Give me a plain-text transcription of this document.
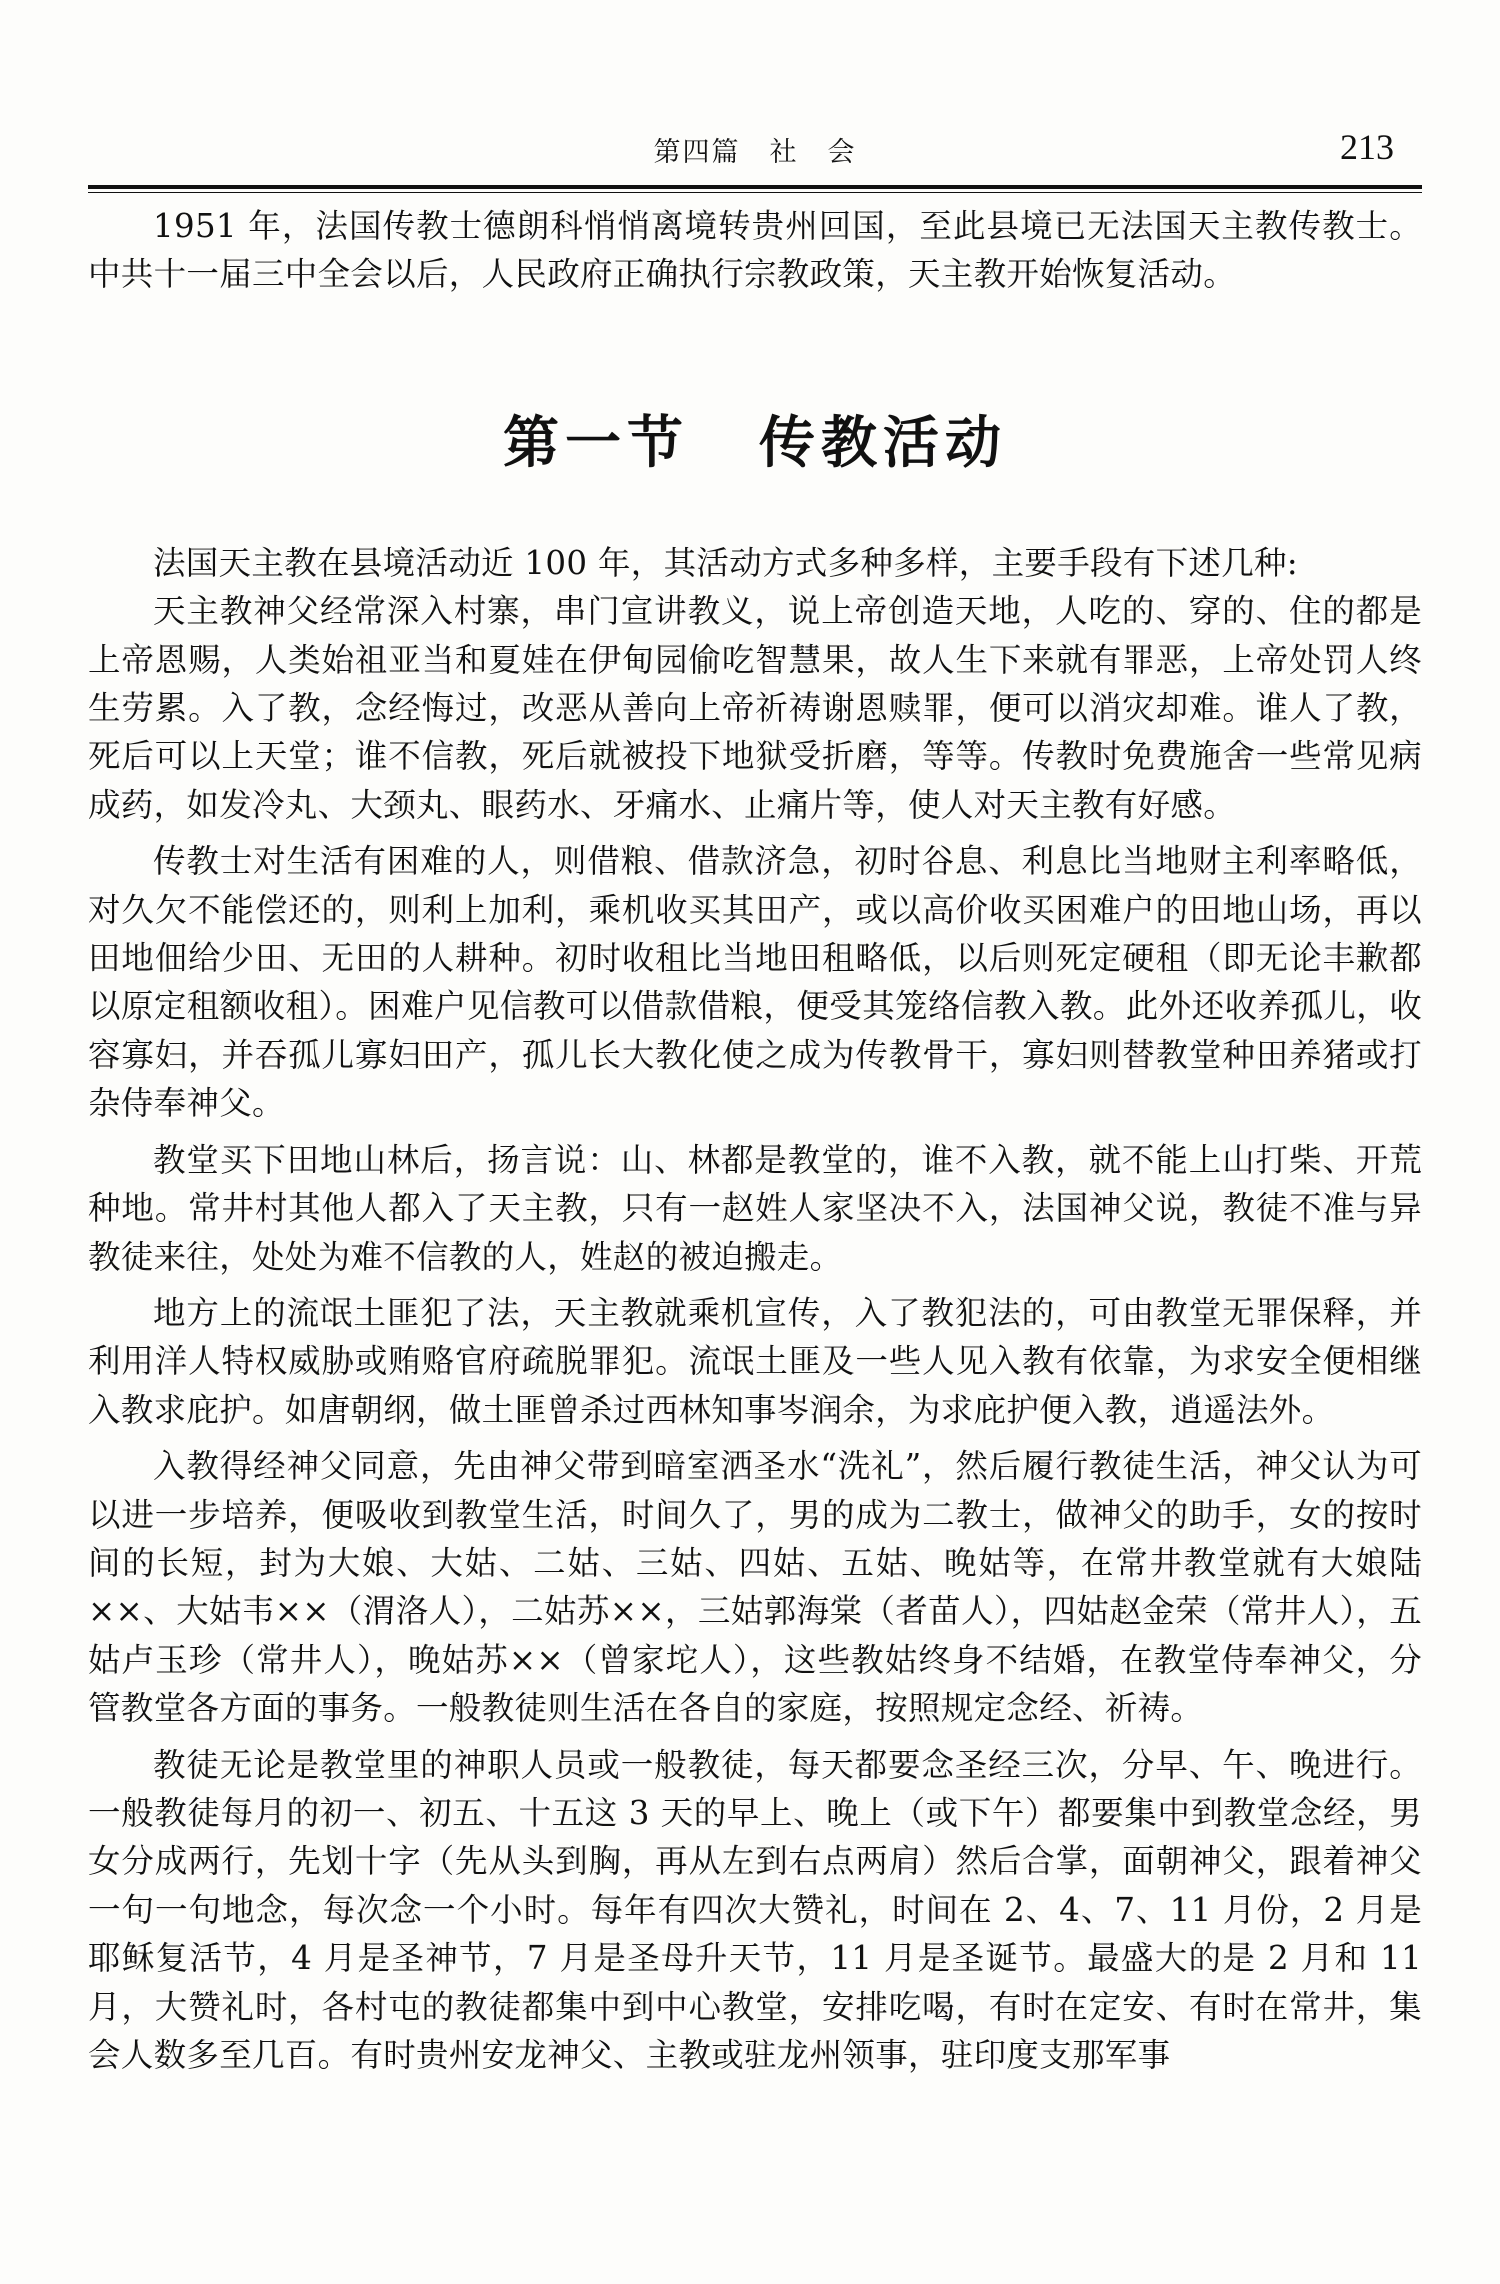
第四篇　社　会	213

1951 年，法国传教士德朗科悄悄离境转贵州回国，至此县境已无法国天主教传教士。中共十一届三中全会以后，人民政府正确执行宗教政策，天主教开始恢复活动。

第一节 传教活动

法国天主教在县境活动近 100 年，其活动方式多种多样，主要手段有下述几种:

天主教神父经常深入村寨，串门宣讲教义，说上帝创造天地，人吃的、穿的、住的都是上帝恩赐，人类始祖亚当和夏娃在伊甸园偷吃智慧果，故人生下来就有罪恶，上帝处罚人终生劳累。入了教，念经悔过，改恶从善向上帝祈祷谢恩赎罪，便可以消灾却难。谁人了教，死后可以上天堂；谁不信教，死后就被投下地狱受折磨，等等。传教时免费施舍一些常见病成药，如发冷丸、大颈丸、眼药水、牙痛水、止痛片等，使人对天主教有好感。

传教士对生活有困难的人，则借粮、借款济急，初时谷息、利息比当地财主利率略低，对久欠不能偿还的，则利上加利，乘机收买其田产，或以高价收买困难户的田地山场，再以田地佃给少田、无田的人耕种。初时收租比当地田租略低，以后则死定硬租（即无论丰歉都以原定租额收租）。困难户见信教可以借款借粮，便受其笼络信教入教。此外还收养孤儿，收容寡妇，并吞孤儿寡妇田产，孤儿长大教化使之成为传教骨干，寡妇则替教堂种田养猪或打杂侍奉神父。

教堂买下田地山林后，扬言说：山、林都是教堂的，谁不入教，就不能上山打柴、开荒种地。常井村其他人都入了天主教，只有一赵姓人家坚决不入，法国神父说，教徒不准与异教徒来往，处处为难不信教的人，姓赵的被迫搬走。

地方上的流氓土匪犯了法，天主教就乘机宣传，入了教犯法的，可由教堂无罪保释，并利用洋人特权威胁或贿赂官府疏脱罪犯。流氓土匪及一些人见入教有依靠，为求安全便相继入教求庇护。如唐朝纲，做土匪曾杀过西林知事岑润余，为求庇护便入教，逍遥法外。

入教得经神父同意，先由神父带到暗室洒圣水“洗礼”，然后履行教徒生活，神父认为可以进一步培养，便吸收到教堂生活，时间久了，男的成为二教士，做神父的助手，女的按时间的长短，封为大娘、大姑、二姑、三姑、四姑、五姑、晚姑等，在常井教堂就有大娘陆××、大姑韦××（渭洛人），二姑苏××，三姑郭海棠（者苗人），四姑赵金荣（常井人），五姑卢玉珍（常井人），晚姑苏××（曾家坨人），这些教姑终身不结婚，在教堂侍奉神父，分管教堂各方面的事务。一般教徒则生活在各自的家庭，按照规定念经、祈祷。

教徒无论是教堂里的神职人员或一般教徒，每天都要念圣经三次，分早、午、晚进行。一般教徒每月的初一、初五、十五这 3 天的早上、晚上（或下午）都要集中到教堂念经，男女分成两行，先划十字（先从头到胸，再从左到右点两肩）然后合掌，面朝神父，跟着神父一句一句地念，每次念一个小时。每年有四次大赞礼，时间在 2、4、7、11 月份，2 月是耶稣复活节，4 月是圣神节，7 月是圣母升天节，11 月是圣诞节。最盛大的是 2 月和 11 月，大赞礼时，各村屯的教徒都集中到中心教堂，安排吃喝，有时在定安、有时在常井，集会人数多至几百。有时贵州安龙神父、主教或驻龙州领事，驻印度支那军事
